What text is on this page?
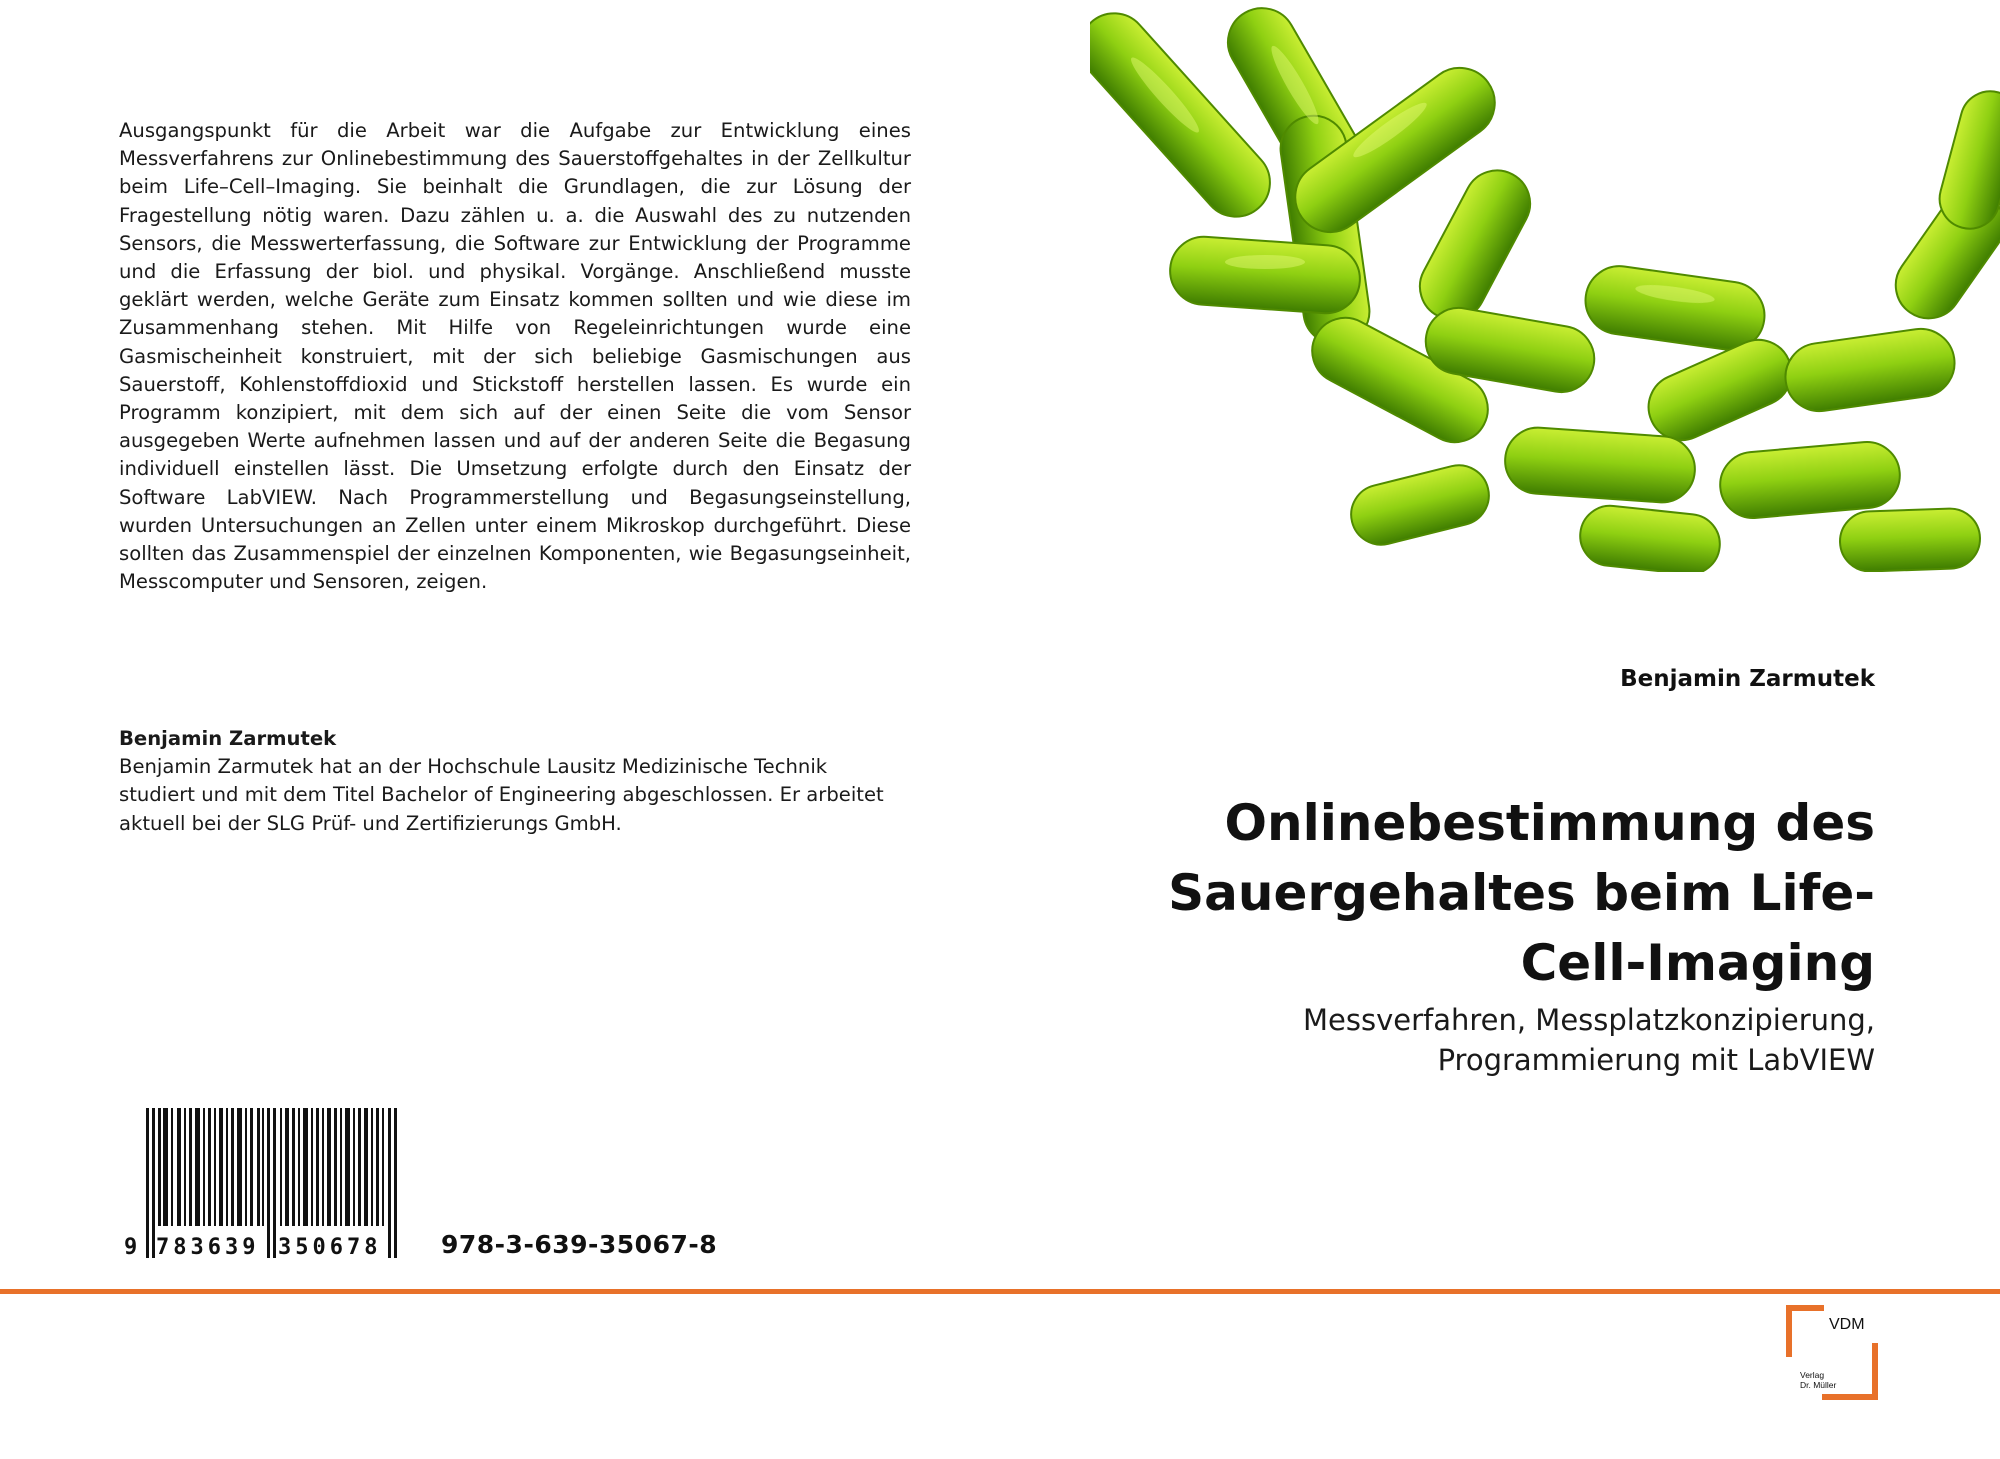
Ausgangspunkt für die Arbeit war die Aufgabe zur Entwicklung eines Messverfahrens zur Onlinebestimmung des Sauerstoffgehaltes in der Zellkultur beim Life–Cell–Imaging. Sie beinhalt die Grundlagen, die zur Lösung der Fragestellung nötig waren. Dazu zählen u. a. die Auswahl des zu nutzenden Sensors, die Messwerterfassung, die Software zur Entwicklung der Programme und die Erfassung der biol. und physikal. Vorgänge. Anschließend musste geklärt werden, welche Geräte zum Einsatz kommen sollten und wie diese im Zusammenhang stehen. Mit Hilfe von Regeleinrichtungen wurde eine Gasmischeinheit konstruiert, mit der sich beliebige Gasmischungen aus Sauerstoff, Kohlenstoffdioxid und Stickstoff herstellen lassen. Es wurde ein Programm konzipiert, mit dem sich auf der einen Seite die vom Sensor ausgegeben Werte aufnehmen lassen und auf der anderen Seite die Begasung individuell einstellen lässt. Die Umsetzung erfolgte durch den Einsatz der Software LabVIEW. Nach Programmerstellung und Begasungseinstellung, wurden Untersuchungen an Zellen unter einem Mikroskop durchgeführt. Diese sollten das Zusammenspiel der einzelnen Komponenten, wie Begasungseinheit, Messcomputer und Sensoren, zeigen.
Benjamin Zarmutek
Benjamin Zarmutek hat an der Hochschule Lausitz Medizinische Technik studiert und mit dem Titel Bachelor of Engineering abgeschlossen. Er arbeitet aktuell bei der SLG Prüf- und Zertifizierungs GmbH.
Benjamin Zarmutek
Onlinebestimmung des
Sauergehaltes beim Life-
Cell-Imaging
Messverfahren, Messplatzkonzipierung,
Programmierung mit LabVIEW
9 783639 350678 978-3-639-35067-8
VDM
Verlag
Dr. Müller
